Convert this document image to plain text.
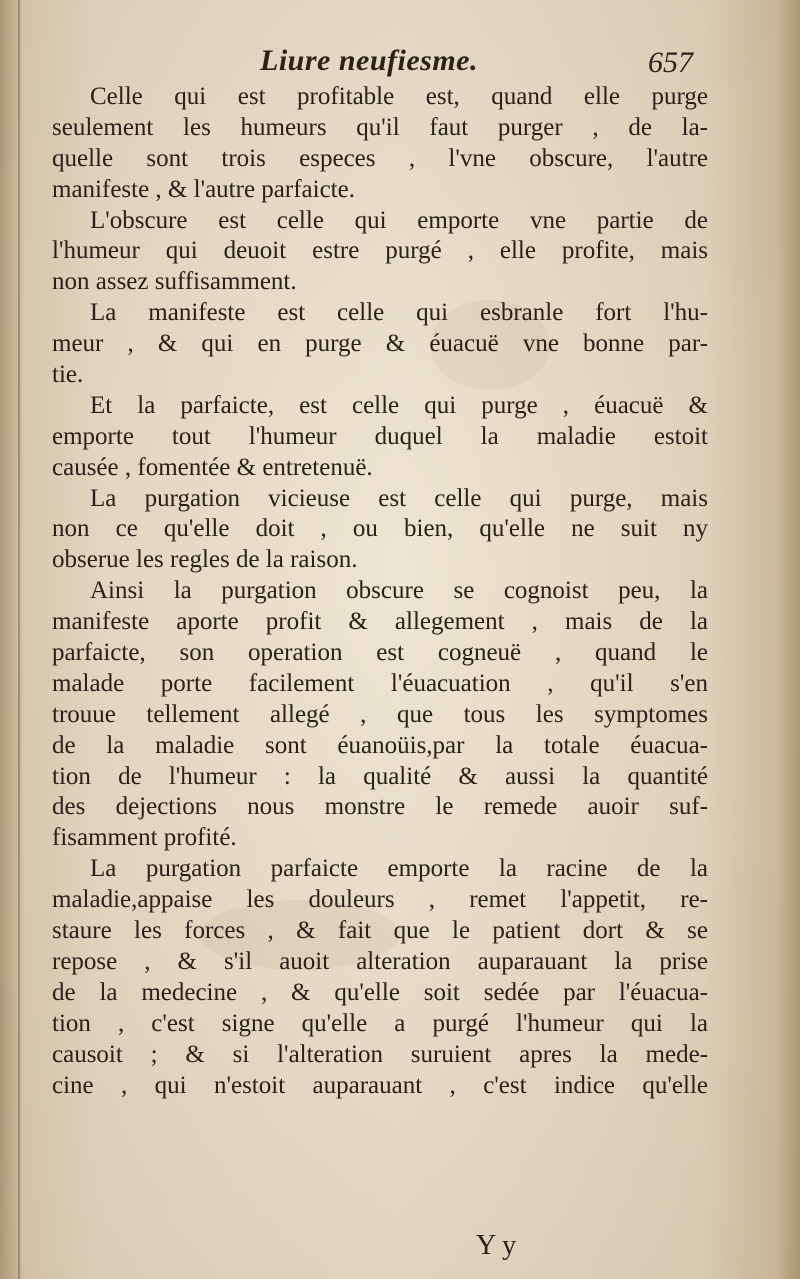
Liure neufiesme.	657
Celle qui est profitable est, quand elle purge
seulement les humeurs qu'il faut purger , de la-
quelle sont trois especes , l'vne obscure, l'autre
manifeste , & l'autre parfaicte.
L'obscure est celle qui emporte vne partie de
l'humeur qui deuoit estre purgé , elle profite, mais
non assez suffisamment.
La manifeste est celle qui esbranle fort l'hu-
meur , & qui en purge & éuacuë vne bonne par-
tie.
Et la parfaicte, est celle qui purge , éuacuë &
emporte tout l'humeur duquel la maladie estoit
causée , fomentée & entretenuë.
La purgation vicieuse est celle qui purge, mais
non ce qu'elle doit , ou bien, qu'elle ne suit ny
obserue les regles de la raison.
Ainsi la purgation obscure se cognoist peu, la
manifeste aporte profit & allegement , mais de la
parfaicte, son operation est cogneuë , quand le
malade porte facilement l'éuacuation , qu'il s'en
trouue tellement allegé , que tous les symptomes
de la maladie sont éuanoüis,par la totale éuacua-
tion de l'humeur : la qualité & aussi la quantité
des dejections nous monstre le remede auoir suf-
fisamment profité.
La purgation parfaicte emporte la racine de la
maladie,appaise les douleurs , remet l'appetit, re-
staure les forces , & fait que le patient dort & se
repose , & s'il auoit alteration auparauant la prise
de la medecine , & qu'elle soit sedée par l'éuacua-
tion , c'est signe qu'elle a purgé l'humeur qui la
causoit ; & si l'alteration suruient apres la mede-
cine , qui n'estoit auparauant , c'est indice qu'elle
Y y
